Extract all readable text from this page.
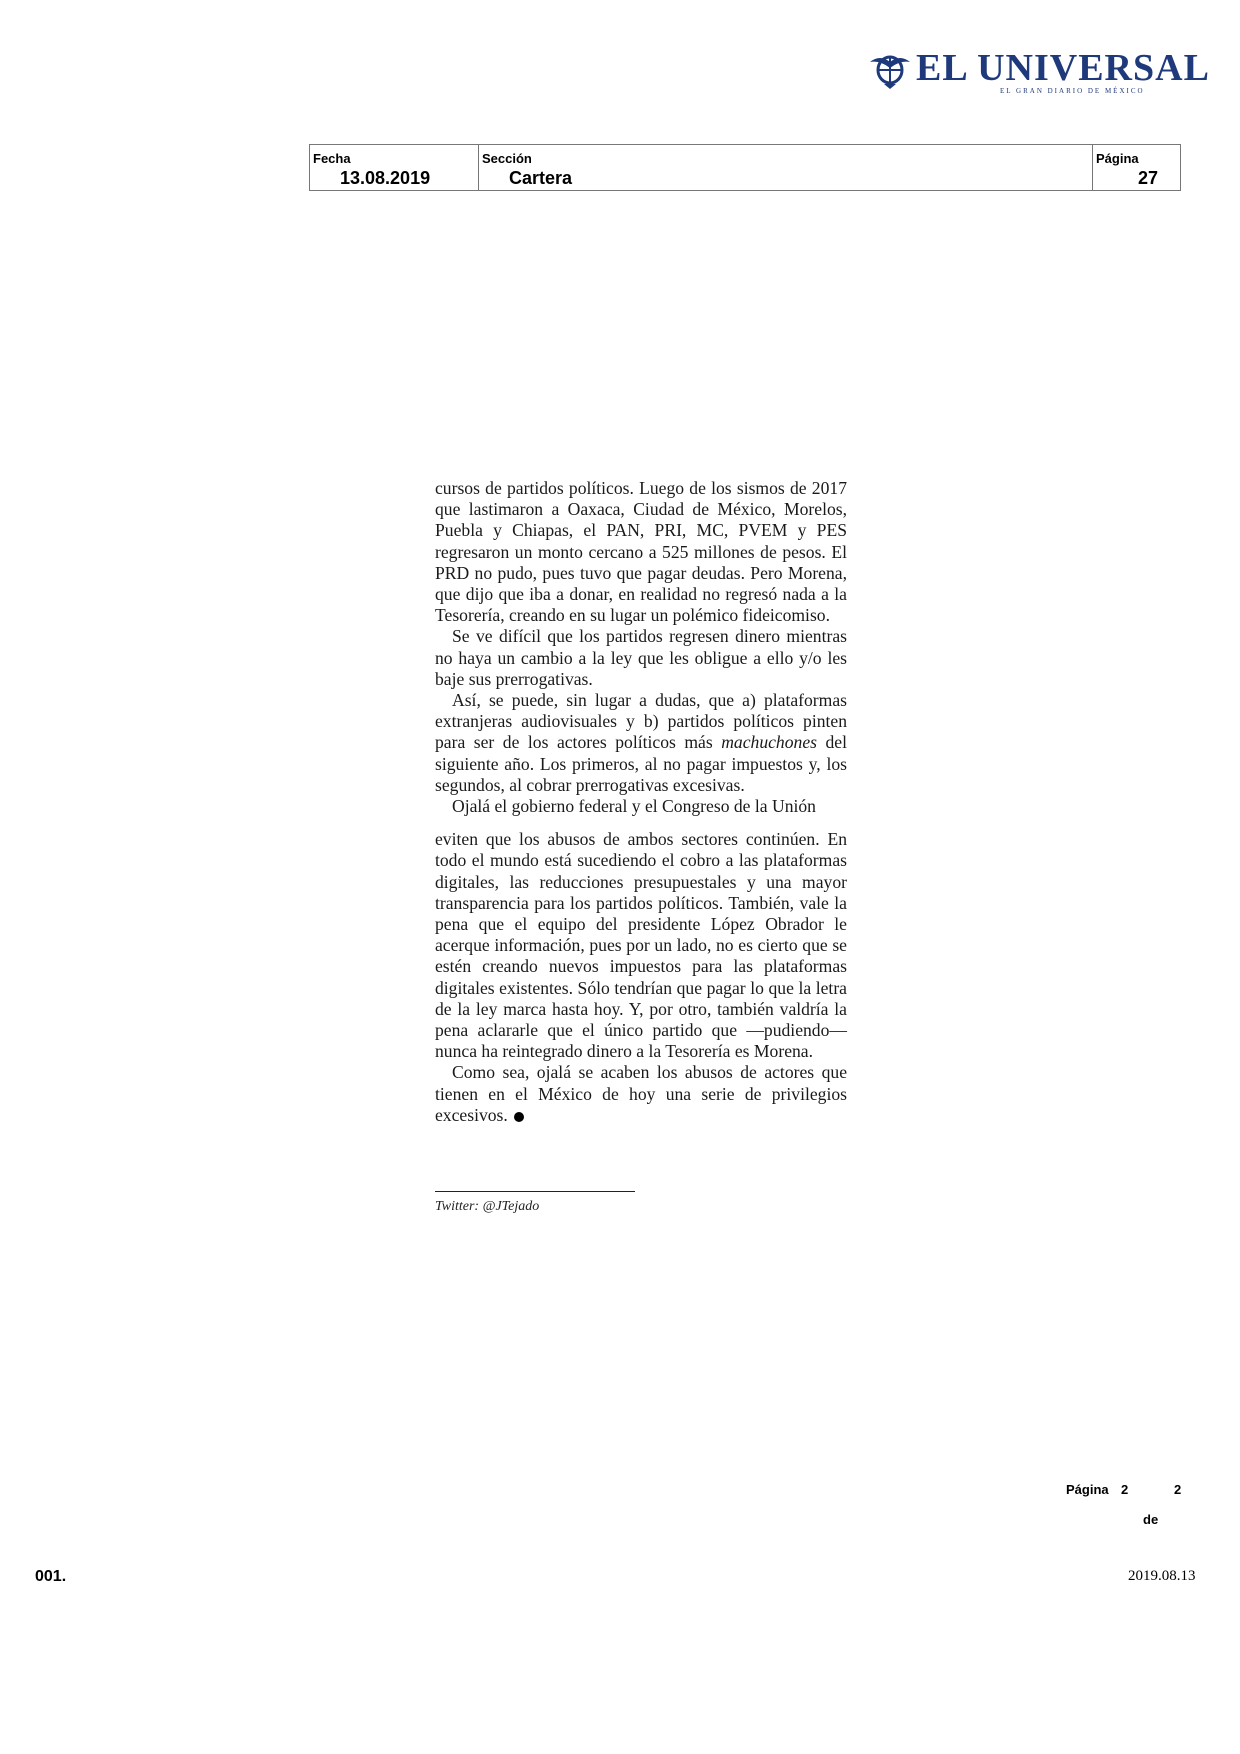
EL UNIVERSAL
EL GRAN DIARIO DE MÉXICO
Fecha
13.08.2019
Sección
Cartera
Página
27

cursos de partidos políticos. Luego de los sismos de 2017 que lastimaron a Oaxaca, Ciudad de México, Morelos, Puebla y Chiapas, el PAN, PRI, MC, PVEM y PES regresaron un monto cercano a 525 millones de pesos. El PRD no pudo, pues tuvo que pagar deudas. Pero Morena, que dijo que iba a donar, en realidad no regresó nada a la Tesorería, creando en su lugar un polémico fideicomiso.

Se ve difícil que los partidos regresen dinero mientras no haya un cambio a la ley que les obligue a ello y/o les baje sus prerrogativas.

Así, se puede, sin lugar a dudas, que a) plataformas extranjeras audiovisuales y b) partidos políticos pinten para ser de los actores políticos más machuchones del siguiente año. Los primeros, al no pagar impuestos y, los segundos, al cobrar prerrogativas excesivas.

Ojalá el gobierno federal y el Congreso de la Unión

eviten que los abusos de ambos sectores continúen. En todo el mundo está sucediendo el cobro a las plataformas digitales, las reducciones presupuestales y una mayor transparencia para los partidos políticos. También, vale la pena que el equipo del presidente López Obrador le acerque información, pues por un lado, no es cierto que se estén creando nuevos impuestos para las plataformas digitales existentes. Sólo tendrían que pagar lo que la letra de la ley marca hasta hoy. Y, por otro, también valdría la pena aclararle que el único partido que —pudiendo— nunca ha reintegrado dinero a la Tesorería es Morena.

Como sea, ojalá se acaben los abusos de actores que tienen en el México de hoy una serie de privilegios excesivos.

Twitter: @JTejado
Página 2	2
de
001.	2019.08.13
